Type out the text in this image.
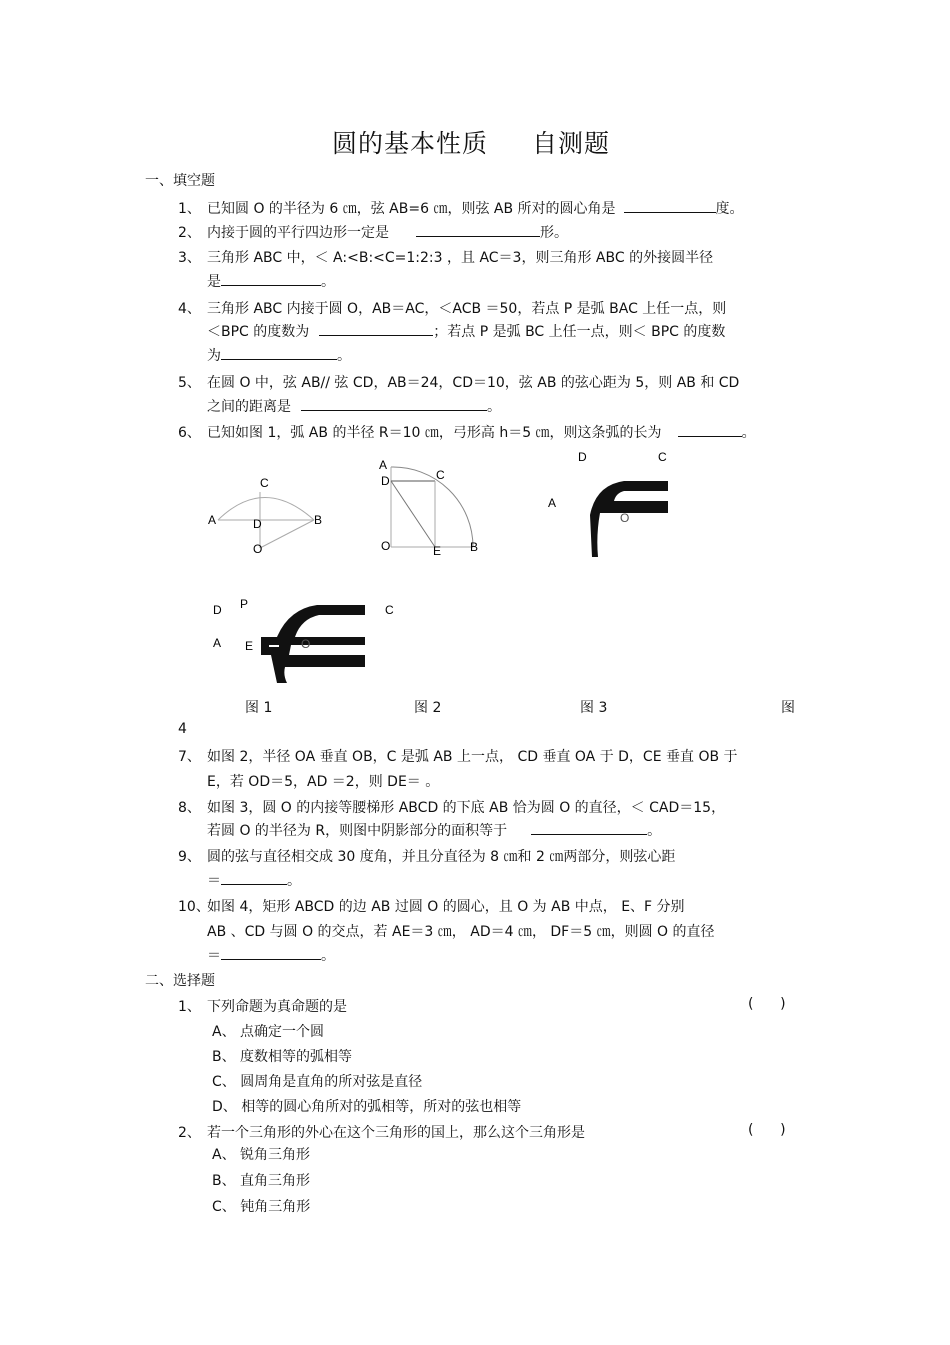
圆的基本性质 自测题
一、填空题
1、 已知圆 O 的半径为 6 ㎝，弦 AB=6 ㎝，则弦 AB 所对的圆心角是	度。
2、 内接于圆的平行四边形一定是	形。
3、 三角形 ABC 中，＜ A:<B:<C=1:2:3 ，且 AC＝3，则三角形 ABC 的外接圆半径
是	。
4、 三角形 ABC 内接于圆 O，AB＝AC，＜ACB ＝50，若点 P 是弧 BAC 上任一点，则
＜BPC 的度数为	；若点 P 是弧 BC 上任一点，则＜ BPC 的度数
为	。
5、 在圆 O 中，弦 AB// 弦 CD，AB＝24，CD＝10，弦 AB 的弦心距为 5，则 AB 和 CD
之间的距离是	。
6、 已知如图 1，弧 AB 的半径 R＝10 ㎝，弓形高 h＝5 ㎝，则这条弧的长为	。
A
C
D	B
O
A
D	C
O	E B
D	C
A
O
D P	C
A E	O
图 1	图 2	图 3	图
4
7、 如图 2，半径 OA 垂直 OB，C 是弧 AB 上一点， CD 垂直 OA 于 D，CE 垂直 OB 于
E，若 OD＝5，AD ＝2，则 DE＝ 。
8、 如图 3，圆 O 的内接等腰梯形 ABCD 的下底 AB 恰为圆 O 的直径，＜ CAD＝15，
若圆 O 的半径为 R，则图中阴影部分的面积等于	。
9、 圆的弦与直径相交成 30 度角，并且分直径为 8 ㎝和 2 ㎝两部分，则弦心距
＝	。
10、
如图 4，矩形 ABCD 的边 AB 过圆 O 的圆心，且 O 为 AB 中点， E、F 分别
AB 、CD 与圆 O 的交点，若 AE＝3 ㎝， AD＝4 ㎝， DF＝5 ㎝，则圆 O 的直径
＝	。
二、选择题
1、 下列命题为真命题的是	(      )
A、 点确定一个圆
B、 度数相等的弧相等
C、 圆周角是直角的所对弦是直径
D、 相等的圆心角所对的弧相等，所对的弦也相等
2、 若一个三角形的外心在这个三角形的国上，那么这个三角形是	(      )
A、 锐角三角形
B、 直角三角形
C、 钝角三角形
